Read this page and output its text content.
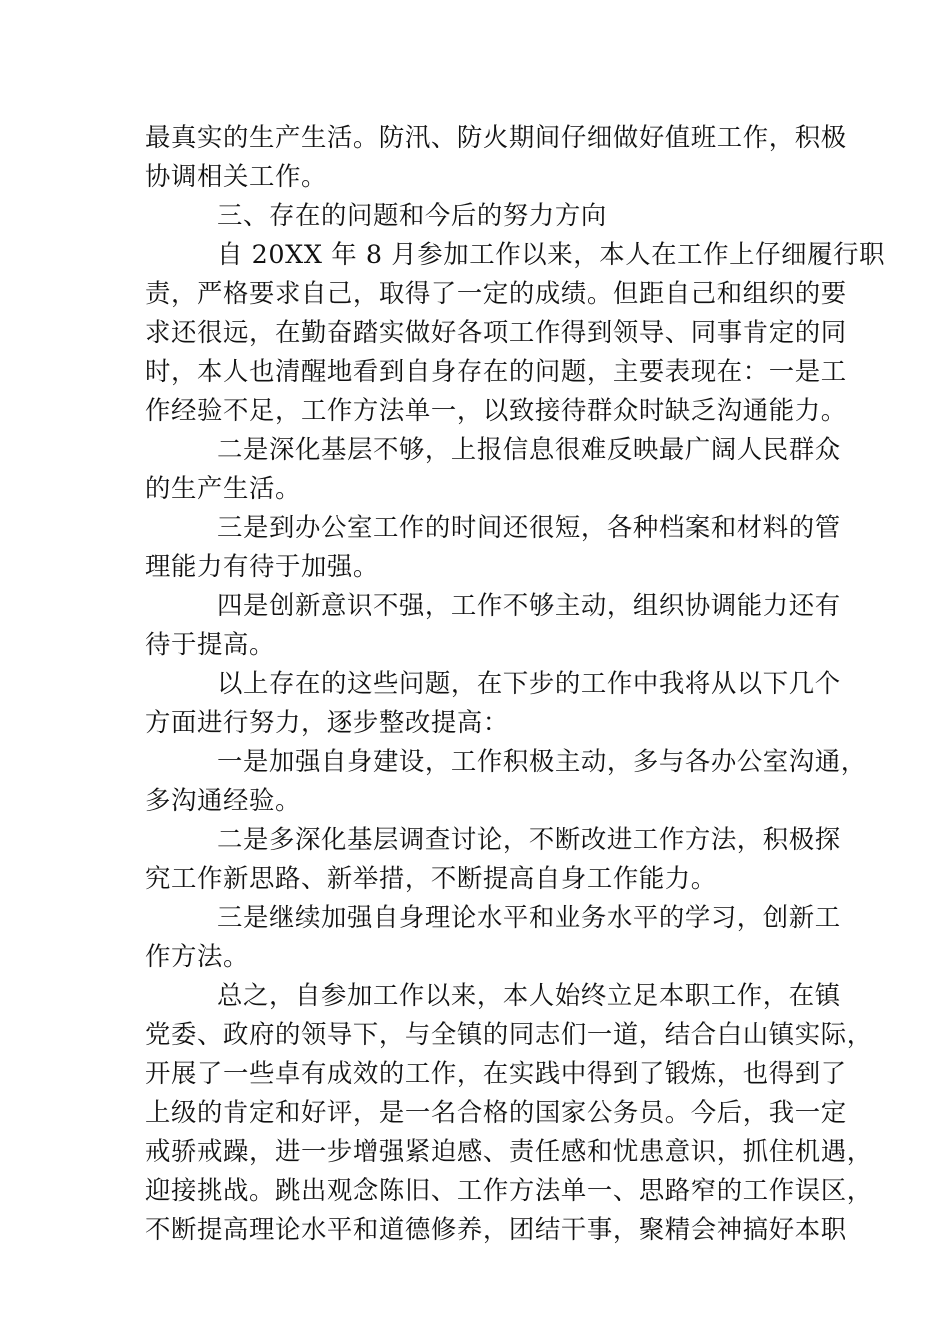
最真实的生产生活。防汛、防火期间仔细做好值班工作，积极
协调相关工作。
三、存在的问题和今后的努力方向
自 20XX 年 8 月参加工作以来，本人在工作上仔细履行职
责，严格要求自己，取得了一定的成绩。但距自己和组织的要
求还很远，在勤奋踏实做好各项工作得到领导、同事肯定的同
时，本人也清醒地看到自身存在的问题，主要表现在：一是工
作经验不足，工作方法单一，以致接待群众时缺乏沟通能力。
二是深化基层不够，上报信息很难反映最广阔人民群众
的生产生活。
三是到办公室工作的时间还很短，各种档案和材料的管
理能力有待于加强。
四是创新意识不强，工作不够主动，组织协调能力还有
待于提高。
以上存在的这些问题，在下步的工作中我将从以下几个
方面进行努力，逐步整改提高：
一是加强自身建设，工作积极主动，多与各办公室沟通，
多沟通经验。
二是多深化基层调查讨论，不断改进工作方法，积极探
究工作新思路、新举措，不断提高自身工作能力。
三是继续加强自身理论水平和业务水平的学习，创新工
作方法。
总之，自参加工作以来，本人始终立足本职工作，在镇
党委、政府的领导下，与全镇的同志们一道，结合白山镇实际，
开展了一些卓有成效的工作，在实践中得到了锻炼，也得到了
上级的肯定和好评，是一名合格的国家公务员。今后，我一定
戒骄戒躁，进一步增强紧迫感、责任感和忧患意识，抓住机遇，
迎接挑战。跳出观念陈旧、工作方法单一、思路窄的工作误区，
不断提高理论水平和道德修养，团结干事，聚精会神搞好本职
